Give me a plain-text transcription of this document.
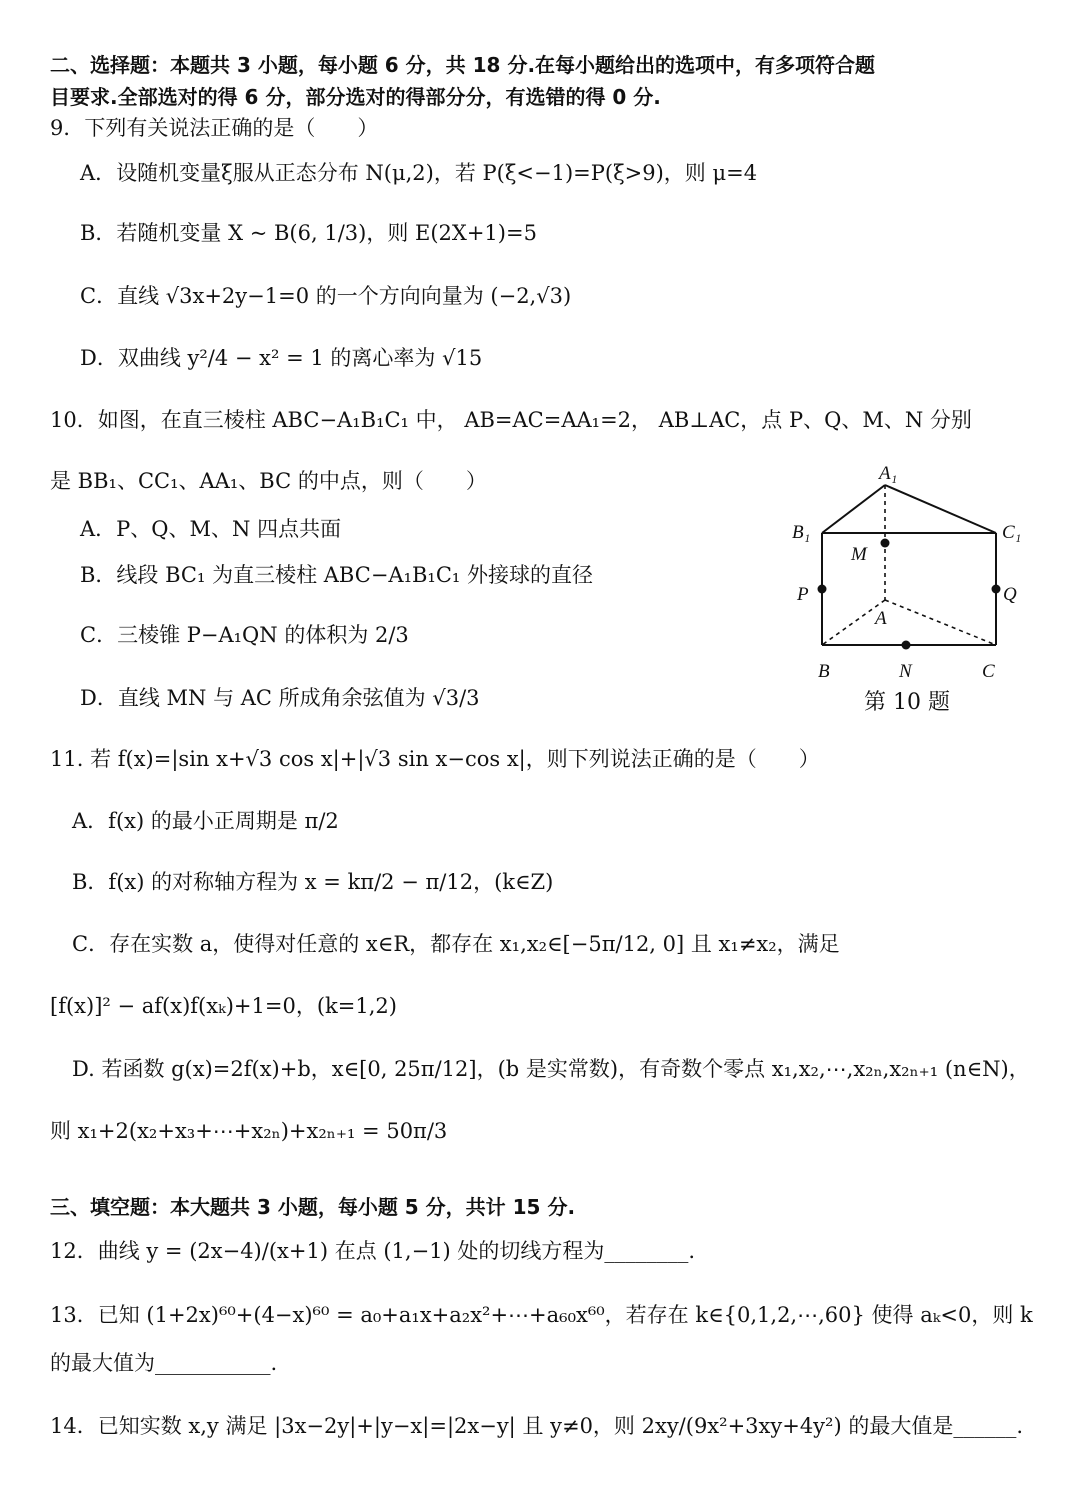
二、选择题：本题共 3 小题，每小题 6 分，共 18 分.在每小题给出的选项中，有多项符合题
目要求.全部选对的得 6 分，部分选对的得部分分，有选错的得 0 分.
9．下列有关说法正确的是（　　）
A．设随机变量ξ服从正态分布 N(μ,2)，若 P(ξ<−1)=P(ξ>9)，则 μ=4
B．若随机变量 X ~ B(6, 1/3)，则 E(2X+1)=5
C．直线 √3x+2y−1=0 的一个方向向量为 (−2,√3)
D．双曲线 y²/4 − x² = 1 的离心率为 √15
10．如图，在直三棱柱 ABC−A₁B₁C₁ 中， AB=AC=AA₁=2， AB⊥AC，点 P、Q、M、N 分别
是 BB₁、CC₁、AA₁、BC 的中点，则（　　）
A．P、Q、M、N 四点共面
B．线段 BC₁ 为直三棱柱 ABC−A₁B₁C₁ 外接球的直径
C．三棱锥 P−A₁QN 的体积为 2/3
D．直线 MN 与 AC 所成角余弦值为 √3/3
A₁
B₁	C₁
M
P	Q
A
B	N	C
第 10 题
11. 若 f(x)=|sin x+√3 cos x|+|√3 sin x−cos x|，则下列说法正确的是（　　）
A．f(x) 的最小正周期是 π/2
B．f(x) 的对称轴方程为 x = kπ/2 − π/12，(k∈Z)
C．存在实数 a，使得对任意的 x∈R，都存在 x₁,x₂∈[−5π/12, 0] 且 x₁≠x₂，满足
[f(x)]² − af(x)f(xₖ)+1=0，(k=1,2)
D. 若函数 g(x)=2f(x)+b，x∈[0, 25π/12]，(b 是实常数)，有奇数个零点 x₁,x₂,⋯,x₂ₙ,x₂ₙ₊₁ (n∈N)，
则 x₁+2(x₂+x₃+⋯+x₂ₙ)+x₂ₙ₊₁ = 50π/3
三、填空题：本大题共 3 小题，每小题 5 分，共计 15 分.
12．曲线 y = (2x−4)/(x+1) 在点 (1,−1) 处的切线方程为________.
13．已知 (1+2x)⁶⁰+(4−x)⁶⁰ = a₀+a₁x+a₂x²+⋯+a₆₀x⁶⁰，若存在 k∈{0,1,2,⋯,60} 使得 aₖ<0，则 k
的最大值为___________.
14．已知实数 x,y 满足 |3x−2y|+|y−x|=|2x−y| 且 y≠0，则 2xy/(9x²+3xy+4y²) 的最大值是______.
